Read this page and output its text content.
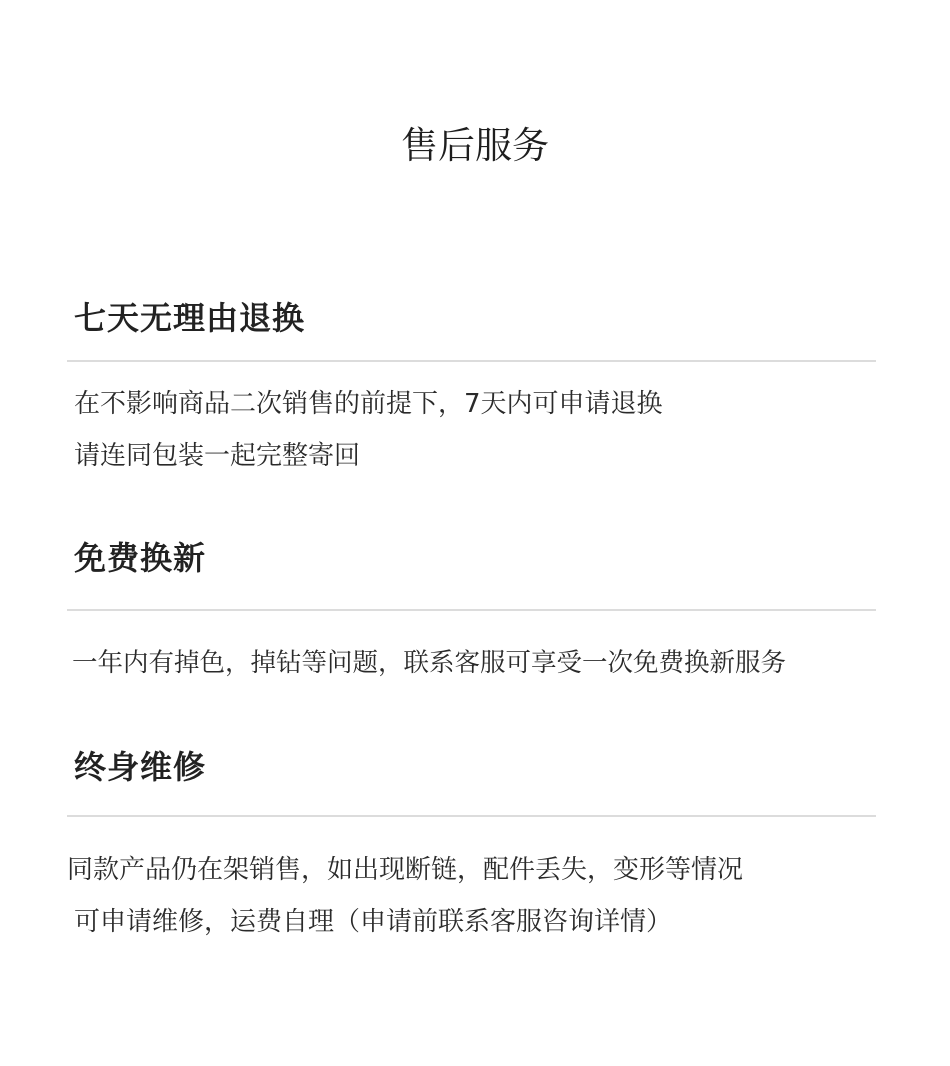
售后服务
七天无理由退换

在不影响商品二次销售的前提下，7天内可申请退换

请连同包装一起完整寄回

免费换新

一年内有掉色，掉钻等问题，联系客服可享受一次免费换新服务

终身维修

同款产品仍在架销售，如出现断链，配件丢失，变形等情况

可申请维修，运费自理（申请前联系客服咨询详情）
